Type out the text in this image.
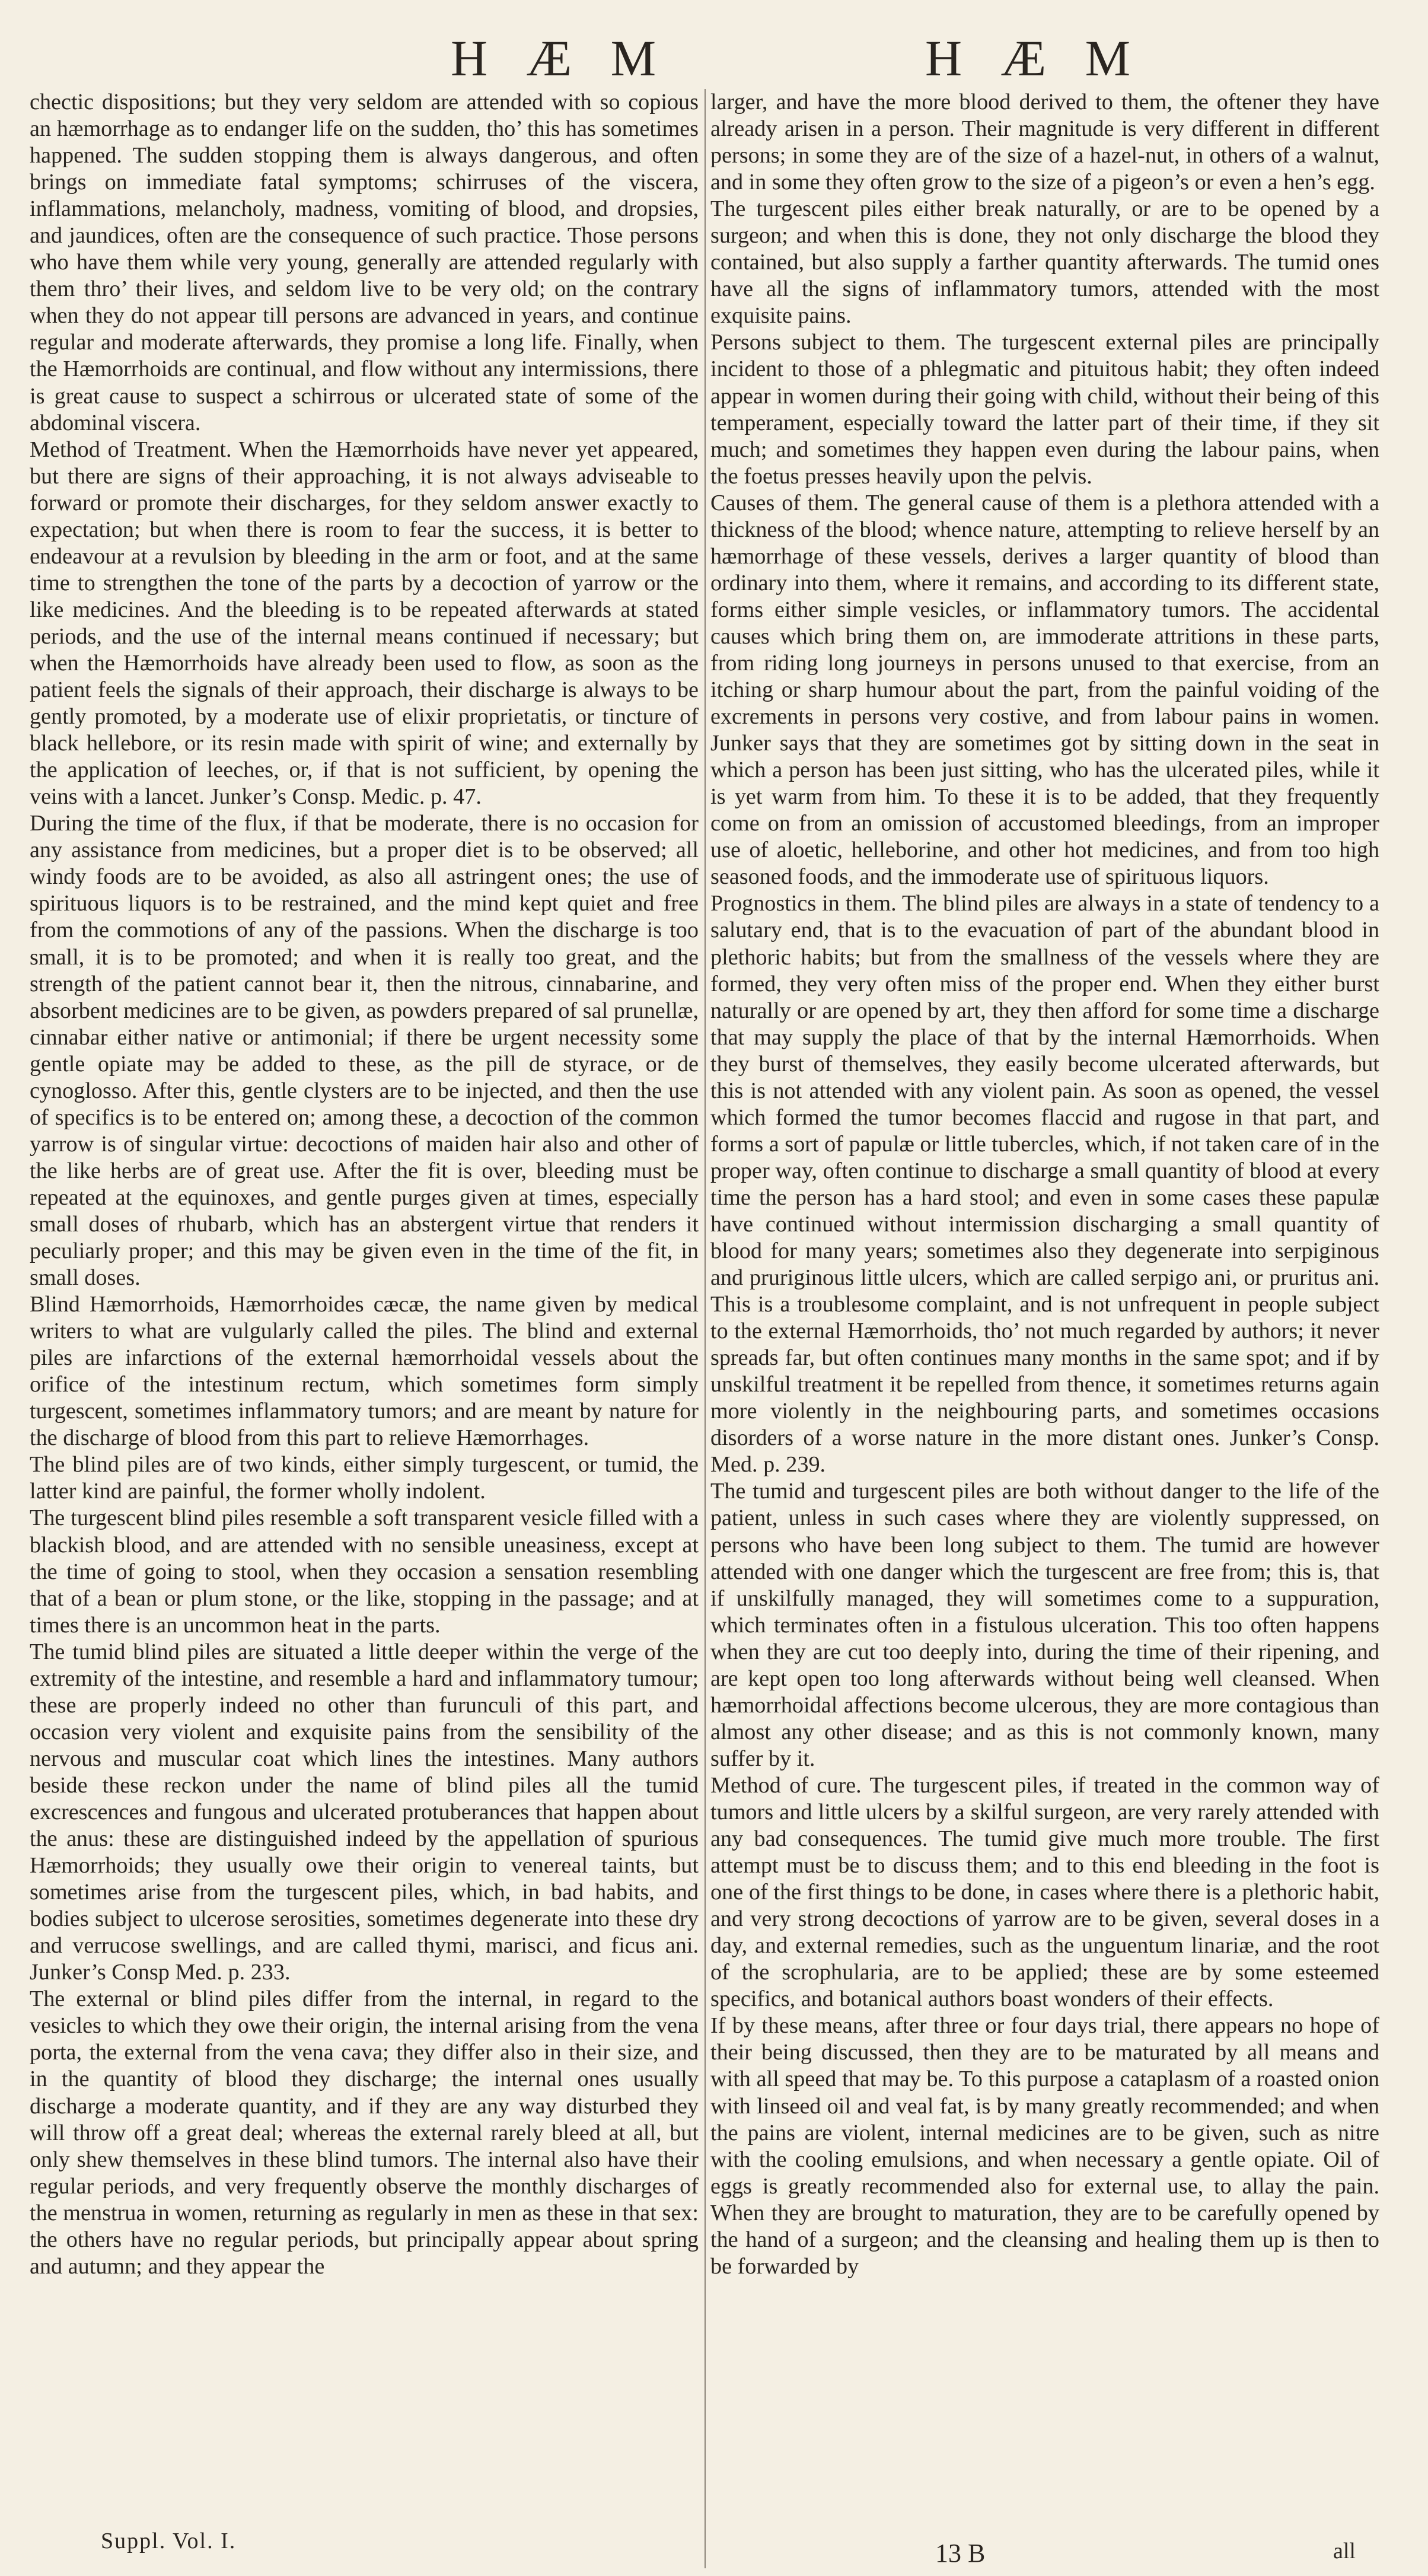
H Æ M	H Æ M

chectic dispositions; but they very seldom are attended with so copious an hæmorrhage as to endanger life on the sudden, tho’ this has sometimes happened. The sudden stopping them is always dangerous, and often brings on immediate fatal symptoms; schirruses of the viscera, inflammations, melancholy, madness, vomiting of blood, and dropsies, and jaundices, often are the consequence of such practice. Those persons who have them while very young, generally are attended regularly with them thro’ their lives, and seldom live to be very old; on the contrary when they do not appear till persons are advanced in years, and continue regular and moderate afterwards, they promise a long life. Finally, when the Hæmorrhoids are continual, and flow without any intermissions, there is great cause to suspect a schirrous or ulcerated state of some of the abdominal viscera.

Method of Treatment. When the Hæmorrhoids have never yet appeared, but there are signs of their approaching, it is not always adviseable to forward or promote their discharges, for they seldom answer exactly to expectation; but when there is room to fear the success, it is better to endeavour at a revulsion by bleeding in the arm or foot, and at the same time to strengthen the tone of the parts by a decoction of yarrow or the like medicines. And the bleeding is to be repeated afterwards at stated periods, and the use of the internal means continued if necessary; but when the Hæmorrhoids have already been used to flow, as soon as the patient feels the signals of their approach, their discharge is always to be gently promoted, by a moderate use of elixir proprietatis, or tincture of black hellebore, or its resin made with spirit of wine; and externally by the application of leeches, or, if that is not sufficient, by opening the veins with a lancet. Junker’s Consp. Medic. p. 47.

During the time of the flux, if that be moderate, there is no occasion for any assistance from medicines, but a proper diet is to be observed; all windy foods are to be avoided, as also all astringent ones; the use of spirituous liquors is to be restrained, and the mind kept quiet and free from the commotions of any of the passions. When the discharge is too small, it is to be promoted; and when it is really too great, and the strength of the patient cannot bear it, then the nitrous, cinnabarine, and absorbent medicines are to be given, as powders prepared of sal prunellæ, cinnabar either native or antimonial; if there be urgent necessity some gentle opiate may be added to these, as the pill de styrace, or de cynoglosso. After this, gentle clysters are to be injected, and then the use of specifics is to be entered on; among these, a decoction of the common yarrow is of singular virtue: decoctions of maiden hair also and other of the like herbs are of great use. After the fit is over, bleeding must be repeated at the equinoxes, and gentle purges given at times, especially small doses of rhubarb, which has an abstergent virtue that renders it peculiarly proper; and this may be given even in the time of the fit, in small doses.

Blind Hæmorrhoids, Hæmorrhoides cæcæ, the name given by medical writers to what are vulgularly called the piles. The blind and external piles are infarctions of the external hæmorrhoidal vessels about the orifice of the intestinum rectum, which sometimes form simply turgescent, sometimes inflammatory tumors; and are meant by nature for the discharge of blood from this part to relieve Hæmorrhages.

The blind piles are of two kinds, either simply turgescent, or tumid, the latter kind are painful, the former wholly indolent.

The turgescent blind piles resemble a soft transparent vesicle filled with a blackish blood, and are attended with no sensible uneasiness, except at the time of going to stool, when they occasion a sensation resembling that of a bean or plum stone, or the like, stopping in the passage; and at times there is an uncommon heat in the parts.

The tumid blind piles are situated a little deeper within the verge of the extremity of the intestine, and resemble a hard and inflammatory tumour; these are properly indeed no other than furunculi of this part, and occasion very violent and exquisite pains from the sensibility of the nervous and muscular coat which lines the intestines. Many authors beside these reckon under the name of blind piles all the tumid excrescences and fungous and ulcerated protuberances that happen about the anus: these are distinguished indeed by the appellation of spurious Hæmorrhoids; they usually owe their origin to venereal taints, but sometimes arise from the turgescent piles, which, in bad habits, and bodies subject to ulcerose serosities, sometimes degenerate into these dry and verrucose swellings, and are called thymi, marisci, and ficus ani. Junker’s Consp Med. p. 233.

The external or blind piles differ from the internal, in regard to the vesicles to which they owe their origin, the internal arising from the vena porta, the external from the vena cava; they differ also in their size, and in the quantity of blood they discharge; the internal ones usually discharge a moderate quantity, and if they are any way disturbed they will throw off a great deal; whereas the external rarely bleed at all, but only shew themselves in these blind tumors. The internal also have their regular periods, and very frequently observe the monthly discharges of the menstrua in women, returning as regularly in men as these in that sex: the others have no regular periods, but principally appear about spring and autumn; and they appear the

larger, and have the more blood derived to them, the oftener they have already arisen in a person. Their magnitude is very different in different persons; in some they are of the size of a hazel-nut, in others of a walnut, and in some they often grow to the size of a pigeon’s or even a hen’s egg.

The turgescent piles either break naturally, or are to be opened by a surgeon; and when this is done, they not only discharge the blood they contained, but also supply a farther quantity afterwards. The tumid ones have all the signs of inflammatory tumors, attended with the most exquisite pains.

Persons subject to them. The turgescent external piles are principally incident to those of a phlegmatic and pituitous habit; they often indeed appear in women during their going with child, without their being of this temperament, especially toward the latter part of their time, if they sit much; and sometimes they happen even during the labour pains, when the foetus presses heavily upon the pelvis.

Causes of them. The general cause of them is a plethora attended with a thickness of the blood; whence nature, attempting to relieve herself by an hæmorrhage of these vessels, derives a larger quantity of blood than ordinary into them, where it remains, and according to its different state, forms either simple vesicles, or inflammatory tumors. The accidental causes which bring them on, are immoderate attritions in these parts, from riding long journeys in persons unused to that exercise, from an itching or sharp humour about the part, from the painful voiding of the excrements in persons very costive, and from labour pains in women. Junker says that they are sometimes got by sitting down in the seat in which a person has been just sitting, who has the ulcerated piles, while it is yet warm from him. To these it is to be added, that they frequently come on from an omission of accustomed bleedings, from an improper use of aloetic, helleborine, and other hot medicines, and from too high seasoned foods, and the immoderate use of spirituous liquors.

Prognostics in them. The blind piles are always in a state of tendency to a salutary end, that is to the evacuation of part of the abundant blood in plethoric habits; but from the smallness of the vessels where they are formed, they very often miss of the proper end. When they either burst naturally or are opened by art, they then afford for some time a discharge that may supply the place of that by the internal Hæmorrhoids. When they burst of themselves, they easily become ulcerated afterwards, but this is not attended with any violent pain. As soon as opened, the vessel which formed the tumor becomes flaccid and rugose in that part, and forms a sort of papulæ or little tubercles, which, if not taken care of in the proper way, often continue to discharge a small quantity of blood at every time the person has a hard stool; and even in some cases these papulæ have continued without intermission discharging a small quantity of blood for many years; sometimes also they degenerate into serpiginous and pruriginous little ulcers, which are called serpigo ani, or pruritus ani. This is a troublesome complaint, and is not unfrequent in people subject to the external Hæmorrhoids, tho’ not much regarded by authors; it never spreads far, but often continues many months in the same spot; and if by unskilful treatment it be repelled from thence, it sometimes returns again more violently in the neighbouring parts, and sometimes occasions disorders of a worse nature in the more distant ones. Junker’s Consp. Med. p. 239.

The tumid and turgescent piles are both without danger to the life of the patient, unless in such cases where they are violently suppressed, on persons who have been long subject to them. The tumid are however attended with one danger which the turgescent are free from; this is, that if unskilfully managed, they will sometimes come to a suppuration, which terminates often in a fistulous ulceration. This too often happens when they are cut too deeply into, during the time of their ripening, and are kept open too long afterwards without being well cleansed. When hæmorrhoidal affections become ulcerous, they are more contagious than almost any other disease; and as this is not commonly known, many suffer by it.

Method of cure. The turgescent piles, if treated in the common way of tumors and little ulcers by a skilful surgeon, are very rarely attended with any bad consequences. The tumid give much more trouble. The first attempt must be to discuss them; and to this end bleeding in the foot is one of the first things to be done, in cases where there is a plethoric habit, and very strong decoctions of yarrow are to be given, several doses in a day, and external remedies, such as the unguentum linariæ, and the root of the scrophularia, are to be applied; these are by some esteemed specifics, and botanical authors boast wonders of their effects.

If by these means, after three or four days trial, there appears no hope of their being discussed, then they are to be maturated by all means and with all speed that may be. To this purpose a cataplasm of a roasted onion with linseed oil and veal fat, is by many greatly recommended; and when the pains are violent, internal medicines are to be given, such as nitre with the cooling emulsions, and when necessary a gentle opiate. Oil of eggs is greatly recommended also for external use, to allay the pain. When they are brought to maturation, they are to be carefully opened by the hand of a surgeon; and the cleansing and healing them up is then to be forwarded by

Suppl. Vol. I.	13 B	all
